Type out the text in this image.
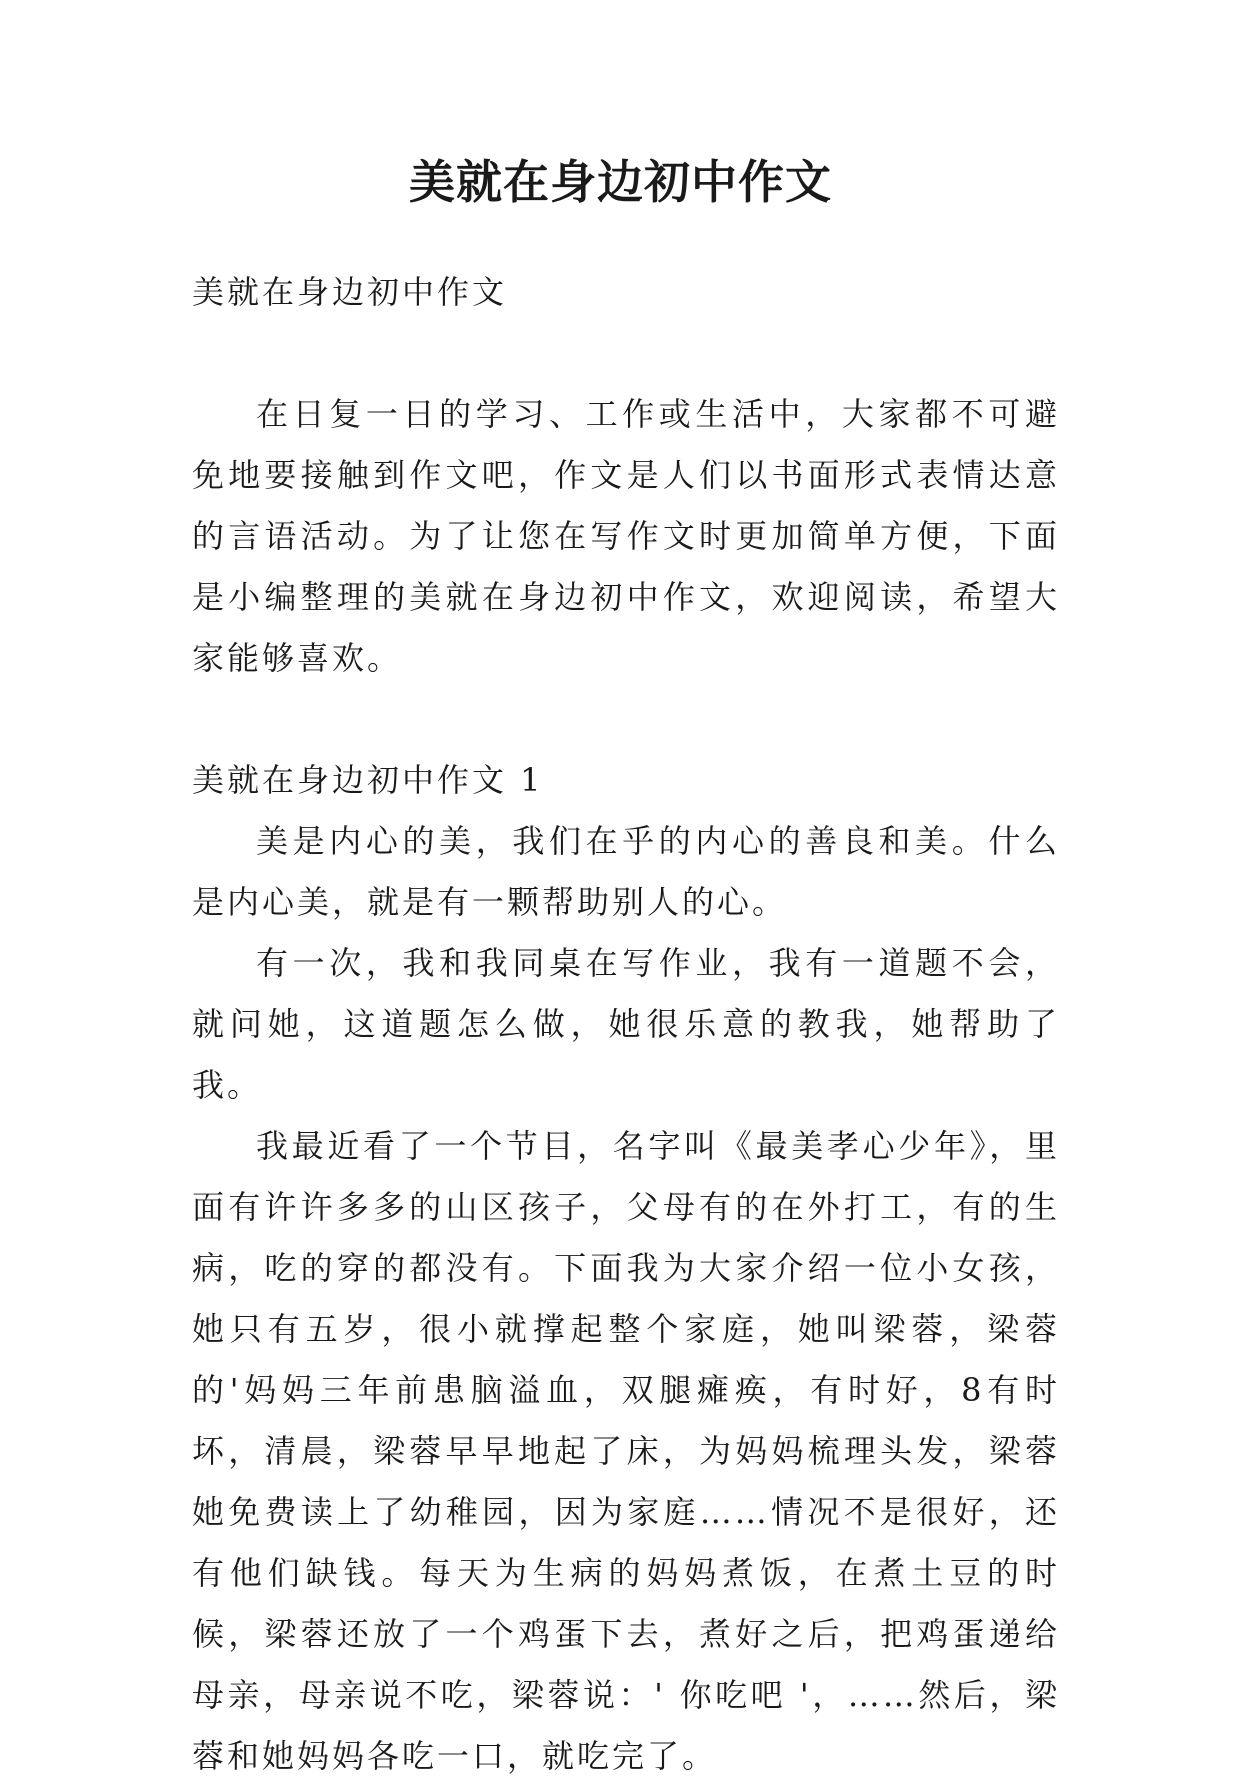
美就在身边初中作文

美就在身边初中作文

在日复一日的学习、工作或生活中，大家都不可避免地要接触到作文吧，作文是人们以书面形式表情达意的言语活动。为了让您在写作文时更加简单方便，下面是小编整理的美就在身边初中作文，欢迎阅读，希望大家能够喜欢。

美就在身边初中作文 1

美是内心的美，我们在乎的内心的善良和美。什么是内心美，就是有一颗帮助别人的心。

有一次，我和我同桌在写作业，我有一道题不会，就问她，这道题怎么做，她很乐意的教我，她帮助了我。

我最近看了一个节目，名字叫《最美孝心少年》，里面有许许多多的山区孩子，父母有的在外打工，有的生病，吃的穿的都没有。下面我为大家介绍一位小女孩，她只有五岁，很小就撑起整个家庭，她叫梁蓉，梁蓉的'妈妈三年前患脑溢血，双腿瘫痪，有时好，8有时坏，清晨，梁蓉早早地起了床，为妈妈梳理头发，梁蓉她免费读上了幼稚园，因为家庭……情况不是很好，还有他们缺钱。每天为生病的妈妈煮饭，在煮土豆的时候，梁蓉还放了一个鸡蛋下去，煮好之后，把鸡蛋递给母亲，母亲说不吃，梁蓉说：' 你吃吧 '，……然后，梁蓉和她妈妈各吃一口，就吃完了。
